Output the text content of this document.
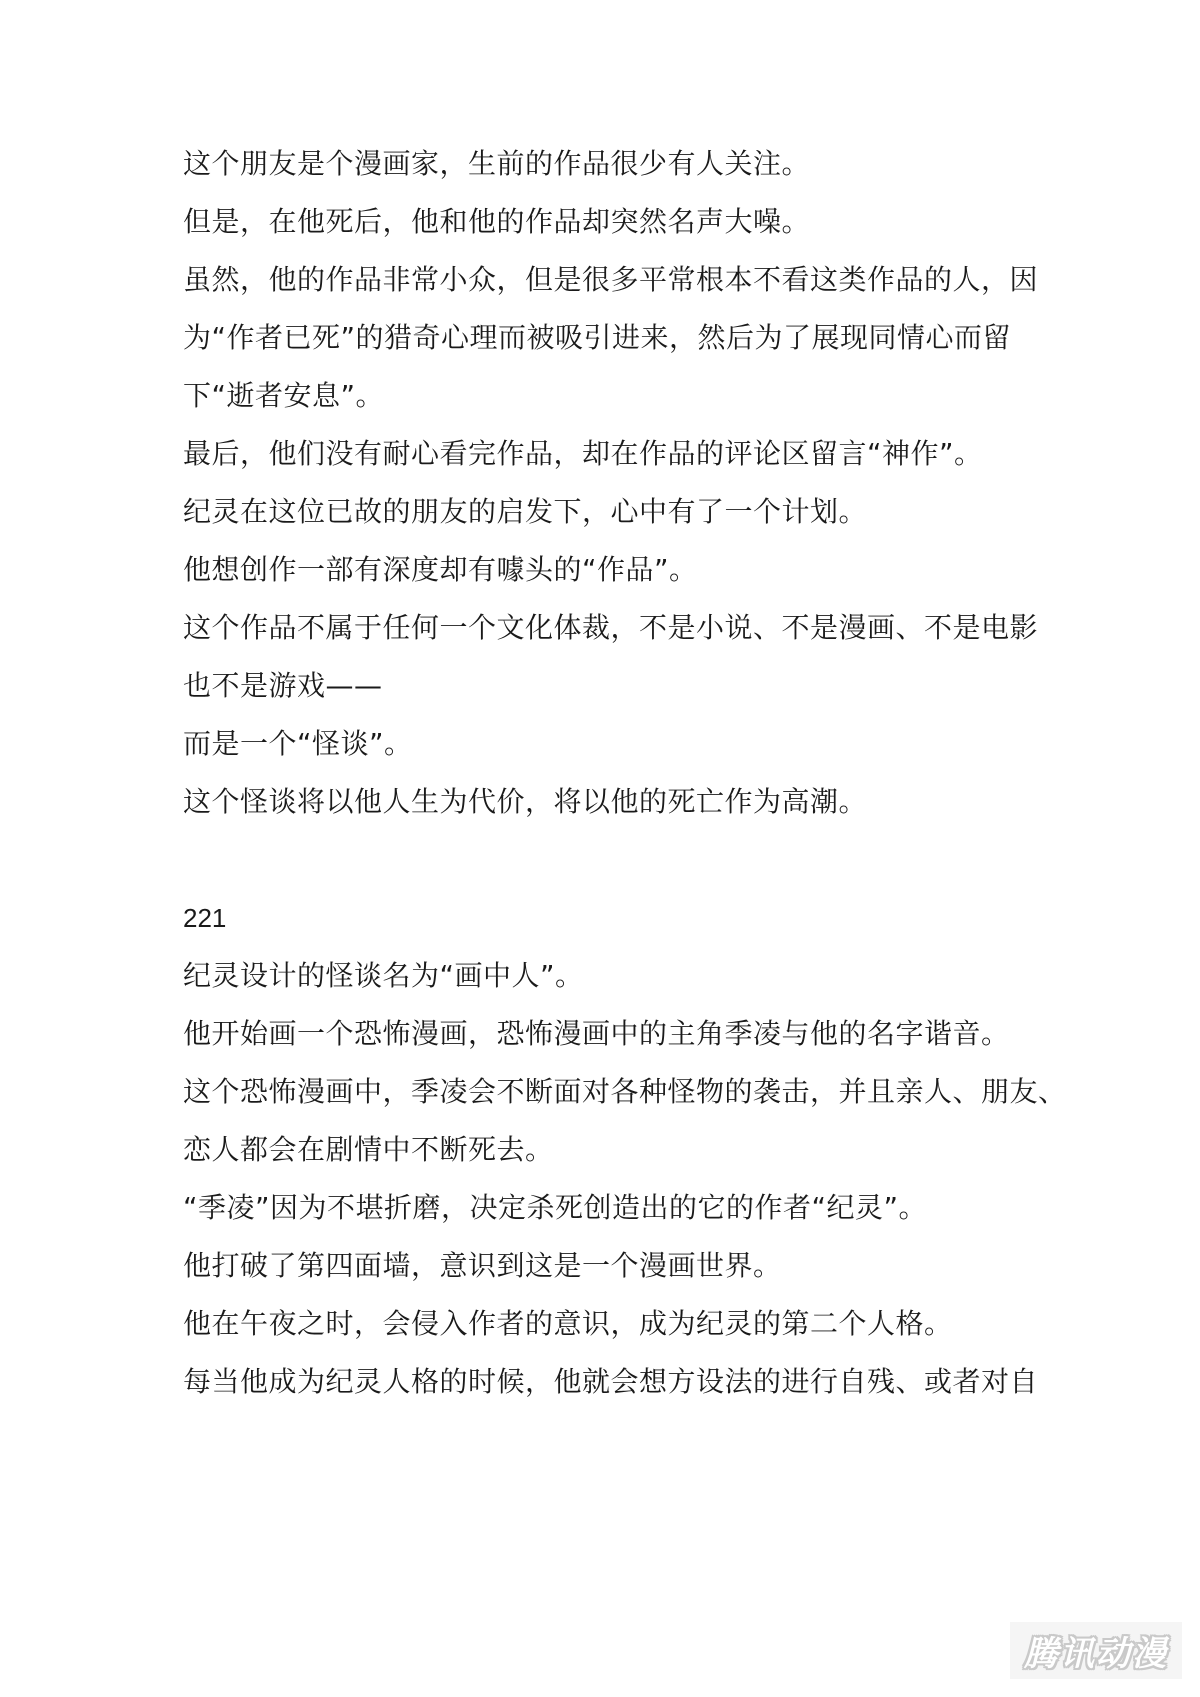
这个朋友是个漫画家，生前的作品很少有人关注。
但是，在他死后，他和他的作品却突然名声大噪。
虽然，他的作品非常小众，但是很多平常根本不看这类作品的人，因
为“作者已死”的猎奇心理而被吸引进来，然后为了展现同情心而留
下“逝者安息”。
最后，他们没有耐心看完作品，却在作品的评论区留言“神作”。
纪灵在这位已故的朋友的启发下，心中有了一个计划。
他想创作一部有深度却有噱头的“作品”。
这个作品不属于任何一个文化体裁，不是小说、不是漫画、不是电影
也不是游戏——
而是一个“怪谈”。
这个怪谈将以他人生为代价，将以他的死亡作为高潮。
221
纪灵设计的怪谈名为“画中人”。
他开始画一个恐怖漫画，恐怖漫画中的主角季凌与他的名字谐音。
这个恐怖漫画中，季凌会不断面对各种怪物的袭击，并且亲人、朋友、
恋人都会在剧情中不断死去。
“季凌”因为不堪折磨，决定杀死创造出的它的作者“纪灵”。
他打破了第四面墙，意识到这是一个漫画世界。
他在午夜之时，会侵入作者的意识，成为纪灵的第二个人格。
每当他成为纪灵人格的时候，他就会想方设法的进行自残、或者对自
腾讯动漫
